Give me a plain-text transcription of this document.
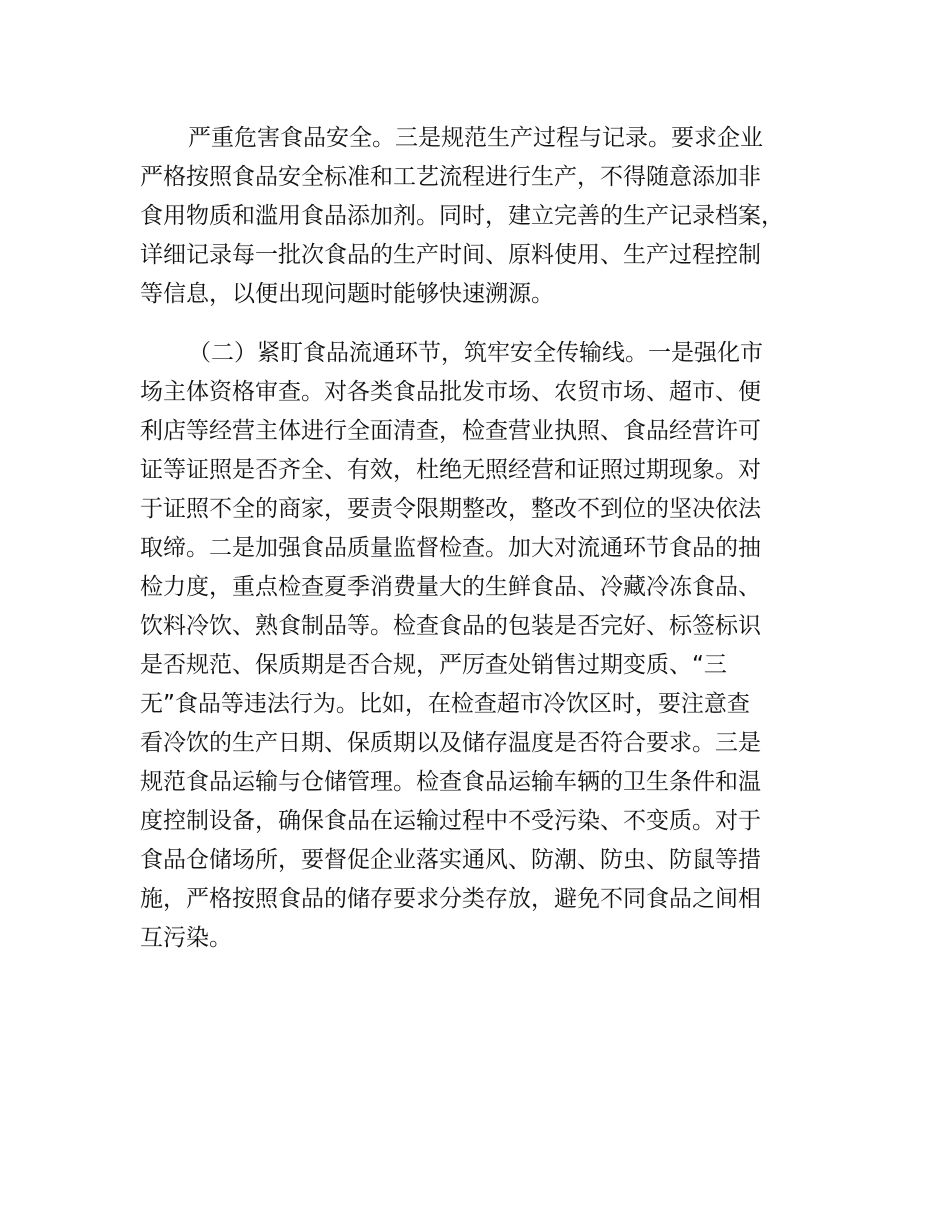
严重危害食品安全。三是规范生产过程与记录。要求企业
严格按照食品安全标准和工艺流程进行生产，不得随意添加非
食用物质和滥用食品添加剂。同时，建立完善的生产记录档案，
详细记录每一批次食品的生产时间、原料使用、生产过程控制
等信息，以便出现问题时能够快速溯源。
（二）紧盯食品流通环节，筑牢安全传输线。一是强化市
场主体资格审查。对各类食品批发市场、农贸市场、超市、便
利店等经营主体进行全面清查，检查营业执照、食品经营许可
证等证照是否齐全、有效，杜绝无照经营和证照过期现象。对
于证照不全的商家，要责令限期整改，整改不到位的坚决依法
取缔。二是加强食品质量监督检查。加大对流通环节食品的抽
检力度，重点检查夏季消费量大的生鲜食品、冷藏冷冻食品、
饮料冷饮、熟食制品等。检查食品的包装是否完好、标签标识
是否规范、保质期是否合规，严厉查处销售过期变质、“三
无”食品等违法行为。比如，在检查超市冷饮区时，要注意查
看冷饮的生产日期、保质期以及储存温度是否符合要求。三是
规范食品运输与仓储管理。检查食品运输车辆的卫生条件和温
度控制设备，确保食品在运输过程中不受污染、不变质。对于
食品仓储场所，要督促企业落实通风、防潮、防虫、防鼠等措
施，严格按照食品的储存要求分类存放，避免不同食品之间相
互污染。
